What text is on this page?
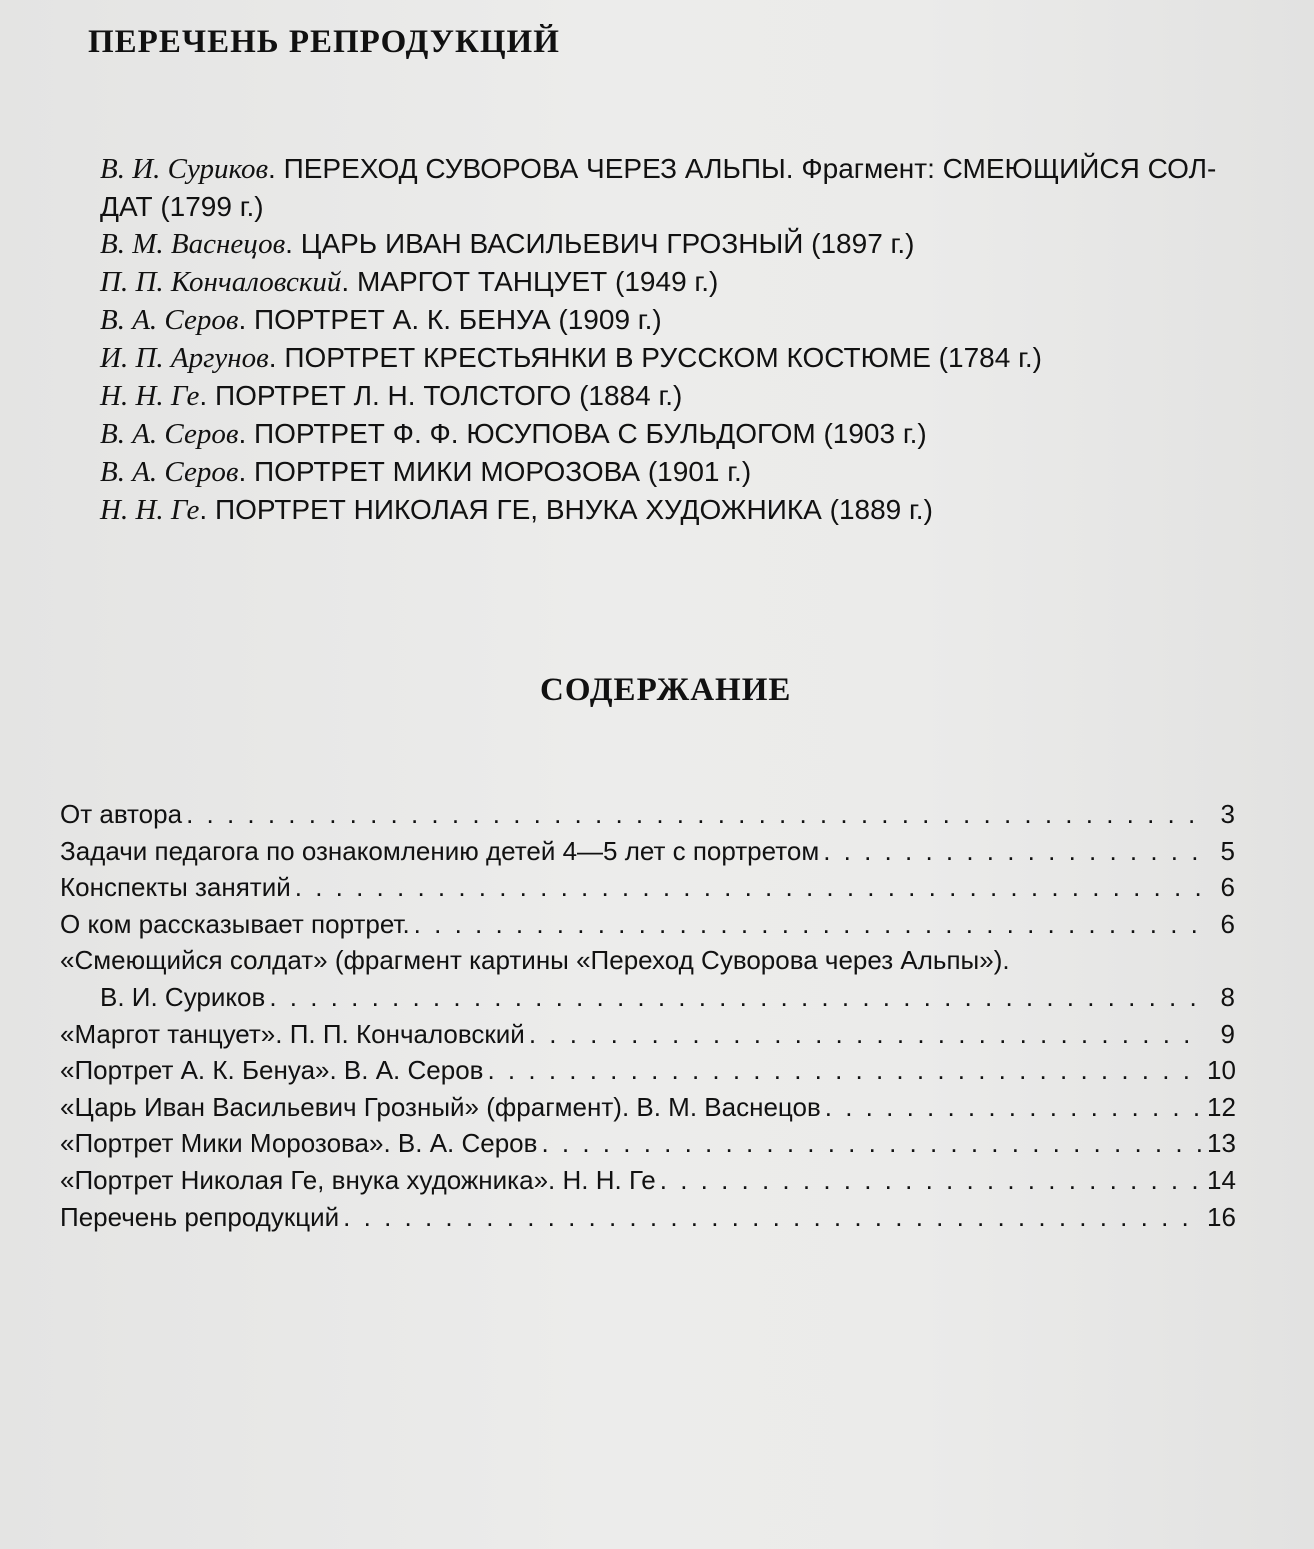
ПЕРЕЧЕНЬ РЕПРОДУКЦИЙ

В. И. Суриков. ПЕРЕХОД СУВОРОВА ЧЕРЕЗ АЛЬПЫ. Фрагмент: СМЕЮЩИЙСЯ СОЛ-

ДАТ (1799 г.)

В. М. Васнецов. ЦАРЬ ИВАН ВАСИЛЬЕВИЧ ГРОЗНЫЙ (1897 г.)

П. П. Кончаловский. МАРГОТ ТАНЦУЕТ (1949 г.)

В. А. Серов. ПОРТРЕТ А. К. БЕНУА (1909 г.)

И. П. Аргунов. ПОРТРЕТ КРЕСТЬЯНКИ В РУССКОМ КОСТЮМЕ (1784 г.)

Н. Н. Ге. ПОРТРЕТ Л. Н. ТОЛСТОГО (1884 г.)

В. А. Серов. ПОРТРЕТ Ф. Ф. ЮСУПОВА С БУЛЬДОГОМ (1903 г.)

В. А. Серов. ПОРТРЕТ МИКИ МОРОЗОВА (1901 г.)

Н. Н. Ге. ПОРТРЕТ НИКОЛАЯ ГЕ, ВНУКА ХУДОЖНИКА (1889 г.)

СОДЕРЖАНИЕ
От автора . . .	3
Задачи педагога по ознакомлению детей 4—5 лет с портретом . . .	5
Конспекты занятий . . .	6
О ком рассказывает портрет. . . .	6
«Смеющийся солдат» (фрагмент картины «Переход Суворова через Альпы»).
В. И. Суриков . . .	8
«Маргот танцует». П. П. Кончаловский . . .	9
«Портрет А. К. Бенуа». В. А. Серов . . .	10
«Царь Иван Васильевич Грозный» (фрагмент). В. М. Васнецов . . .	12
«Портрет Мики Морозова». В. А. Серов . . .	13
«Портрет Николая Ге, внука художника». Н. Н. Ге . . .	14
Перечень репродукций . . .	16
